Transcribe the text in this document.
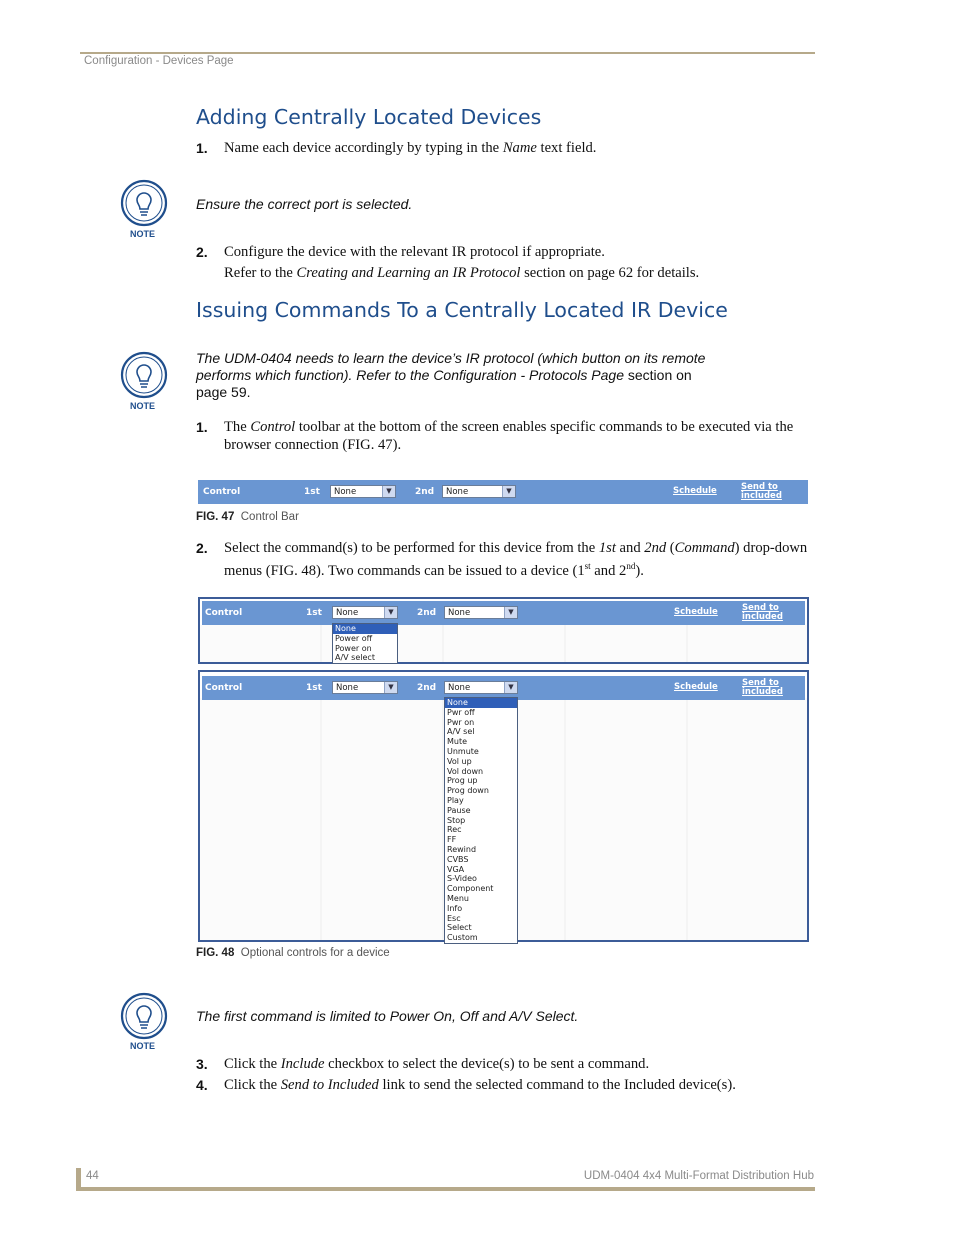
Configuration - Devices Page
Adding Centrally Located Devices
1. Name each device accordingly by typing in the Name text field.
NOTE
Ensure the correct port is selected.
2. Configure the device with the relevant IR protocol if appropriate.
Refer to the Creating and Learning an IR Protocol section on page 62 for details.
Issuing Commands To a Centrally Located IR Device
NOTE
The UDM-0404 needs to learn the device’s IR protocol (which button on its remote performs which function). Refer to the Configuration - Protocols Page section on
page 59.
1. The Control toolbar at the bottom of the screen enables specific commands to be executed via the
browser connection (FIG. 47).
Control	1st	None	▼	2nd	None	▼	Schedule	Send to
included
FIG. 47 Control Bar
2. Select the command(s) to be performed for this device from the 1st and 2nd (Command) drop-down
menus (FIG. 48). Two commands can be issued to a device (1st and 2nd).
Control	1st	None	▼	2nd	None	▼	Schedule	Send to
included
None
Power off
Power on
A/V select
Control	1st	None	▼	2nd	None	▼	Schedule	Send to
included
None
Pwr off
Pwr on
A/V sel
Mute
Unmute
Vol up
Vol down
Prog up
Prog down
Play
Pause
Stop
Rec
FF
Rewind
CVBS
VGA
S-Video
Component
Menu
Info
Esc
Select
Custom
FIG. 48 Optional controls for a device
NOTE
The first command is limited to Power On, Off and A/V Select.
3. Click the Include checkbox to select the device(s) to be sent a command.
4. Click the Send to Included link to send the selected command to the Included device(s).
44	UDM-0404 4x4 Multi-Format Distribution Hub
